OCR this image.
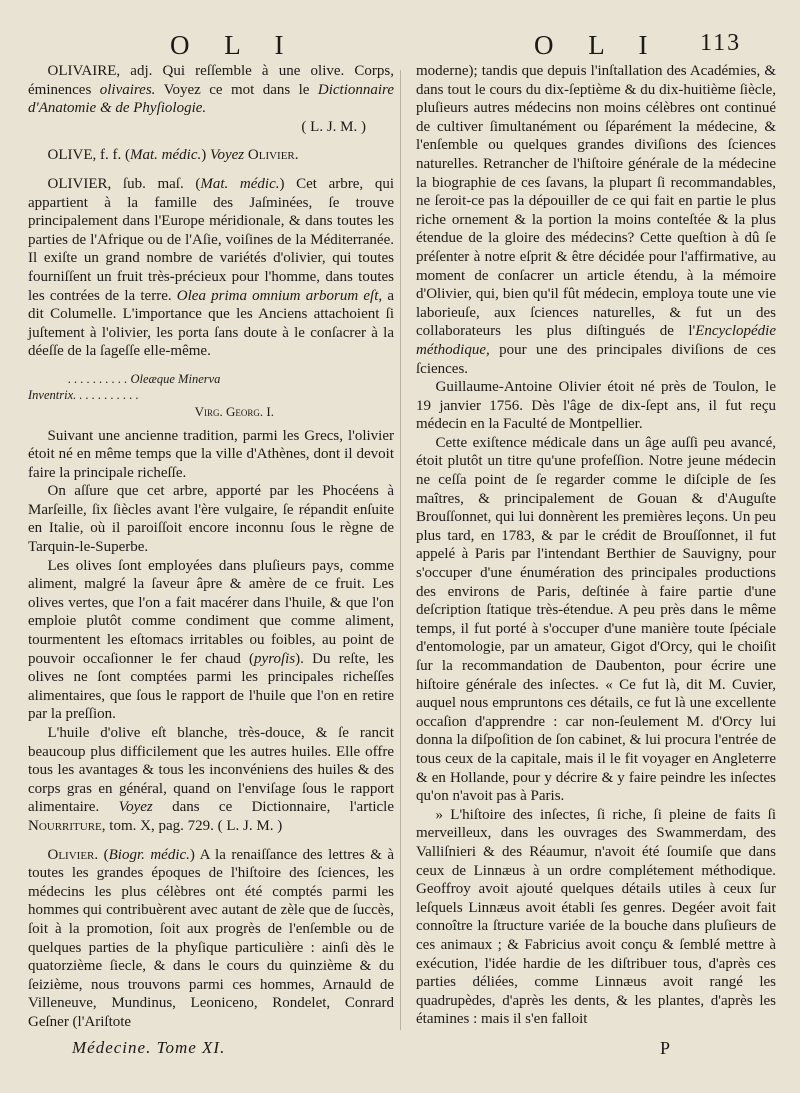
O L I	O L I 113

OLIVAIRE, adj. Qui reſſemble à une olive. Corps, éminences olivaires. Voyez ce mot dans le Dictionnaire d'Anatomie & de Phyſiologie.

( L. J. M. )

OLIVE, f. f. (Mat. médic.) Voyez Olivier.

OLIVIER, ſub. maſ. (Mat. médic.) Cet arbre, qui appartient à la famille des Jaſminées, ſe trouve principalement dans l'Europe méridionale, & dans toutes les parties de l'Afrique ou de l'Aſie, voiſines de la Méditerranée. Il exiſte un grand nombre de variétés d'olivier, qui toutes fourniſſent un fruit très-précieux pour l'homme, dans toutes les contrées de la terre. Olea prima omnium arborum eſt, a dit Columelle. L'importance que les Anciens attachoient ſi juſtement à l'olivier, les porta ſans doute à le conſacrer à la déeſſe de la ſageſſe elle-même.

. . . . . . . . . . Oleæque Minerva

Inventrix. . . . . . . . . . .

Virg. Georg. I.

Suivant une ancienne tradition, parmi les Grecs, l'olivier étoit né en même temps que la ville d'Athènes, dont il devoit faire la principale richeſſe.

On aſſure que cet arbre, apporté par les Phocéens à Marſeille, ſix ſiècles avant l'ère vulgaire, ſe répandit enſuite en Italie, où il paroiſſoit encore inconnu ſous le règne de Tarquin-le-Superbe.

Les olives ſont employées dans pluſieurs pays, comme aliment, malgré la ſaveur âpre & amère de ce fruit. Les olives vertes, que l'on a fait macérer dans l'huile, & que l'on emploie plutôt comme condiment que comme aliment, tourmentent les eſtomacs irritables ou foibles, au point de pouvoir occaſionner le fer chaud (pyroſis). Du reſte, les olives ne ſont comptées parmi les principales richeſſes alimentaires, que ſous le rapport de l'huile que l'on en retire par la preſſion.

L'huile d'olive eſt blanche, très-douce, & ſe rancit beaucoup plus difficilement que les autres huiles. Elle offre tous les avantages & tous les inconvéniens des huiles & des corps gras en général, quand on l'enviſage ſous le rapport alimentaire. Voyez dans ce Dictionnaire, l'article Nourriture, tom. X, pag. 729. ( L. J. M. )

Olivier. (Biogr. médic.) A la renaiſſance des lettres & à toutes les grandes époques de l'hiſtoire des ſciences, les médecins les plus célèbres ont été comptés parmi les hommes qui contribuèrent avec autant de zèle que de ſuccès, ſoit à la promotion, ſoit aux progrès de l'enſemble ou de quelques parties de la phyſique particulière : ainſi dès le quatorzième ſiecle, & dans le cours du quinzième & du ſeizième, nous trouvons parmi ces hommes, Arnauld de Villeneuve, Mundinus, Leoniceno, Rondelet, Conrard Geſner (l'Ariſtote

moderne); tandis que depuis l'inſtallation des Académies, & dans tout le cours du dix-ſeptième & du dix-huitième ſiècle, pluſieurs autres médecins non moins célèbres ont continué de cultiver ſimultanément ou ſéparément la médecine, & l'enſemble ou quelques grandes diviſions des ſciences naturelles. Retrancher de l'hiſtoire générale de la médecine la biographie de ces ſavans, la plupart ſi recommandables, ne ſeroit-ce pas la dépouiller de ce qui fait en partie le plus riche ornement & la portion la moins conteſtée & la plus étendue de la gloire des médecins? Cette queſtion à dû ſe préſenter à notre eſprit & être décidée pour l'affirmative, au moment de conſacrer un article étendu, à la mémoire d'Olivier, qui, bien qu'il fût médecin, employa toute une vie laborieuſe, aux ſciences naturelles, & fut un des collaborateurs les plus diſtingués de l'Encyclopédie méthodique, pour une des principales diviſions de ces ſciences.

Guillaume-Antoine Olivier étoit né près de Toulon, le 19 janvier 1756. Dès l'âge de dix-ſept ans, il fut reçu médecin en la Faculté de Montpellier.

Cette exiſtence médicale dans un âge auſſi peu avancé, étoit plutôt un titre qu'une profeſſion. Notre jeune médecin ne ceſſa point de ſe regarder comme le diſciple de ſes maîtres, & principalement de Gouan & d'Auguſte Brouſſonnet, qui lui donnèrent les premières leçons. Un peu plus tard, en 1783, & par le crédit de Brouſſonnet, il fut appelé à Paris par l'intendant Berthier de Sauvigny, pour s'occuper d'une énumération des principales productions des environs de Paris, deſtinée à faire partie d'une deſcription ſtatique très-étendue. A peu près dans le même temps, il fut porté à s'occuper d'une manière toute ſpéciale d'entomologie, par un amateur, Gigot d'Orcy, qui le choiſit ſur la recommandation de Daubenton, pour écrire une hiſtoire générale des inſectes. « Ce fut là, dit M. Cuvier, auquel nous empruntons ces détails, ce fut là une excellente occaſion d'apprendre : car non-ſeulement M. d'Orcy lui donna la diſpoſition de ſon cabinet, & lui procura l'entrée de tous ceux de la capitale, mais il le fit voyager en Angleterre & en Hollande, pour y décrire & y faire peindre les inſectes qu'on n'avoit pas à Paris.

» L'hiſtoire des inſectes, ſi riche, ſi pleine de faits ſi merveilleux, dans les ouvrages des Swammerdam, des Valliſnieri & des Réaumur, n'avoit été ſoumiſe que dans ceux de Linnæus à un ordre complétement méthodique. Geoffroy avoit ajouté quelques détails utiles à ceux ſur leſquels Linnæus avoit établi ſes genres. Degéer avoit fait connoître la ſtructure variée de la bouche dans pluſieurs de ces animaux ; & Fabricius avoit conçu & ſemblé mettre à exécution, l'idée hardie de les diſtribuer tous, d'après ces parties déliées, comme Linnæus avoit rangé les quadrupèdes, d'après les dents, & les plantes, d'après les étamines : mais il s'en falloit

Médecine. Tome XI.	P
